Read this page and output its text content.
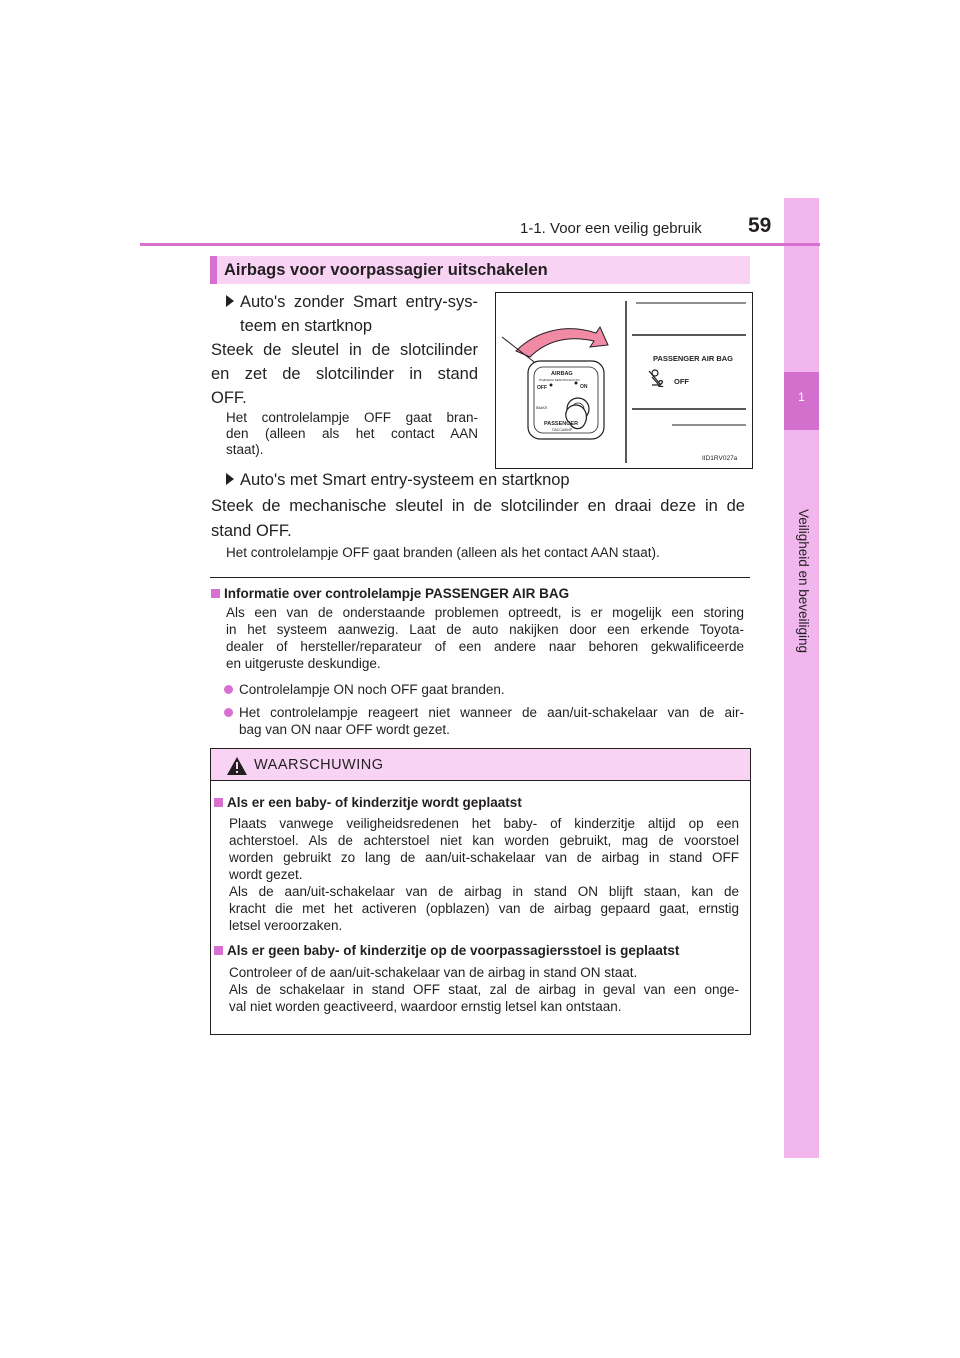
1
Veiligheid en beveiliging
1-1. Voor een veilig gebruik 59
Airbags voor voorpassagier uitschakelen
Auto's zonder Smart entry-sys-
teem en startknop
Steek de sleutel in de slotcilinder
en zet de slotcilinder in stand
OFF.
Het controlelampje OFF gaat bran-
den (alleen als het contact AAN
staat).
PASSENGER AIR BAG
2 OFF
AIRBAG
ПОДУШКА БЕЗОПАСНОСТИ
OFF	ON
ВЫКЛ
PASSENGER
ПАССАЖИР
IID1RV027a
Auto's met Smart entry-systeem en startknop
Steek de mechanische sleutel in de slotcilinder en draai deze in de
stand OFF.
Het controlelampje OFF gaat branden (alleen als het contact AAN staat).
Informatie over controlelampje PASSENGER AIR BAG
Als een van de onderstaande problemen optreedt, is er mogelijk een storing
in het systeem aanwezig. Laat de auto nakijken door een erkende Toyota-
dealer of hersteller/reparateur of een andere naar behoren gekwalificeerde
en uitgeruste deskundige.
Controlelampje ON noch OFF gaat branden.
Het controlelampje reageert niet wanneer de aan/uit-schakelaar van de air-
bag van ON naar OFF wordt gezet.
WAARSCHUWING
Als er een baby- of kinderzitje wordt geplaatst
Plaats vanwege veiligheidsredenen het baby- of kinderzitje altijd op een
achterstoel. Als de achterstoel niet kan worden gebruikt, mag de voorstoel
worden gebruikt zo lang de aan/uit-schakelaar van de airbag in stand OFF
wordt gezet.
Als de aan/uit-schakelaar van de airbag in stand ON blijft staan, kan de
kracht die met het activeren (opblazen) van de airbag gepaard gaat, ernstig
letsel veroorzaken.
Als er geen baby- of kinderzitje op de voorpassagiersstoel is geplaatst
Controleer of de aan/uit-schakelaar van de airbag in stand ON staat.
Als de schakelaar in stand OFF staat, zal de airbag in geval van een onge-
val niet worden geactiveerd, waardoor ernstig letsel kan ontstaan.
